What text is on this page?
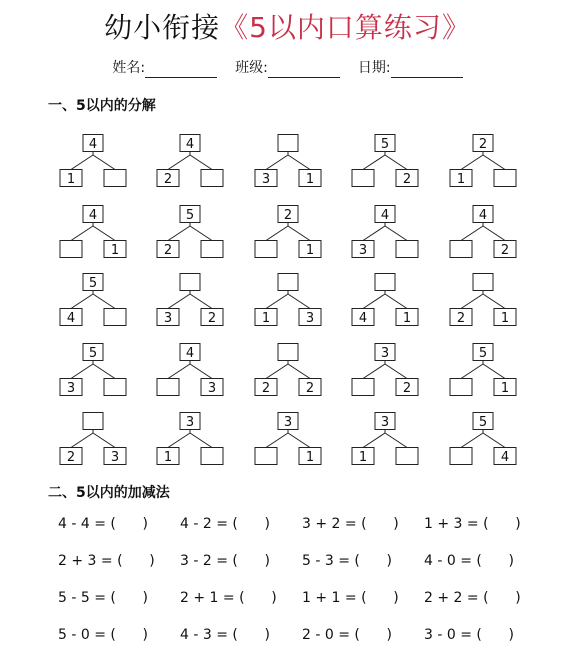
幼小衔接《5以内口算练习》
姓名:	班级:	日期:
一、5以内的分解
4
1
4
2	3	1
5
2
2
1
4
1
5
2
2
1
4
3
4
2
5
4	3	2	1	3	4	1	2	1
5
3
4
3	2	2
3
2
5
1
2	3
3
1
3
1
3
1
5
4
二、5以内的加减法
4 - 4 = (      )	4 - 2 = (      )	3 + 2 = (      )	1 + 3 = (      )
2 + 3 = (      )	3 - 2 = (      )	5 - 3 = (      )	4 - 0 = (      )
5 - 5 = (      )	2 + 1 = (      )	1 + 1 = (      )	2 + 2 = (      )
5 - 0 = (      )	4 - 3 = (      )	2 - 0 = (      )	3 - 0 = (      )
